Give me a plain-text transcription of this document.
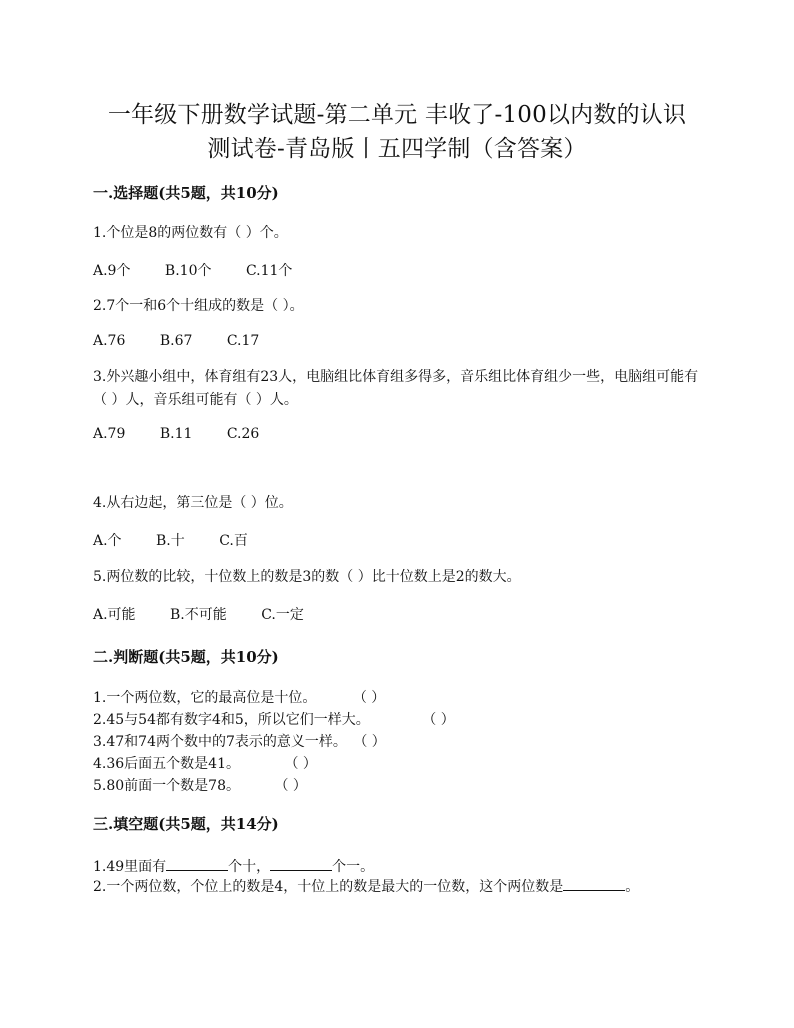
一年级下册数学试题-第二单元 丰收了-100以内数的认识
测试卷-青岛版丨五四学制（含答案）
一.选择题(共5题，共10分)
1.个位是8的两位数有（ ）个。
A.9个 B.10个 C.11个
2.7个一和6个十组成的数是（ ）。
A.76 B.67 C.17
3.外兴趣小组中，体育组有23人，电脑组比体育组多得多，音乐组比体育组少一些，电脑组可能有（ ）人，音乐组可能有（ ）人。
A.79 B.11 C.26
4.从右边起，第三位是（ ）位。
A.个 B.十 C.百
5.两位数的比较，十位数上的数是3的数（ ）比十位数上是2的数大。
A.可能 B.不可能 C.一定
二.判断题(共5题，共10分)
1.一个两位数，它的最高位是十位。	（ ）
2.45与54都有数字4和5，所以它们一样大。	（ ）
3.47和74两个数中的7表示的意义一样。 （ ）
4.36后面五个数是41。	（ ）
5.80前面一个数是78。 （ ）
三.填空题(共5题，共14分)
1.49里面有	个十，	个一。
2.一个两位数，个位上的数是4，十位上的数是最大的一位数，这个两位数是	。
